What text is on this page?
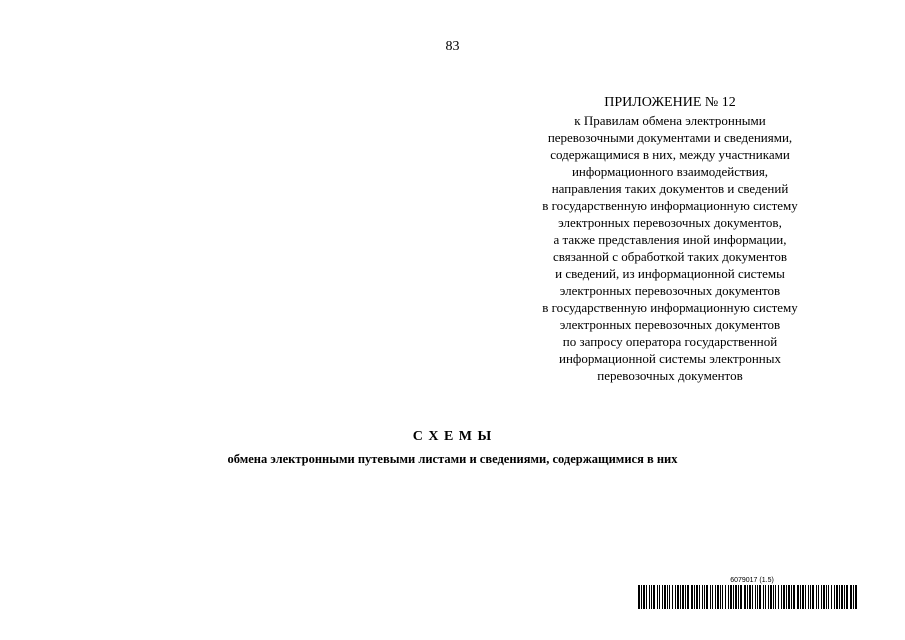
83
ПРИЛОЖЕНИЕ № 12
к Правилам обмена электронными
перевозочными документами и сведениями,
содержащимися в них, между участниками
информационного взаимодействия,
направления таких документов и сведений
в государственную информационную систему
электронных перевозочных документов,
а также представления иной информации,
связанной с обработкой таких документов
и сведений, из информационной системы
электронных перевозочных документов
в государственную информационную систему
электронных перевозочных документов
по запросу оператора государственной
информационной системы электронных
перевозочных документов
С Х Е М Ы
обмена электронными путевыми листами и сведениями, содержащимися в них
6079017 (1.5)
